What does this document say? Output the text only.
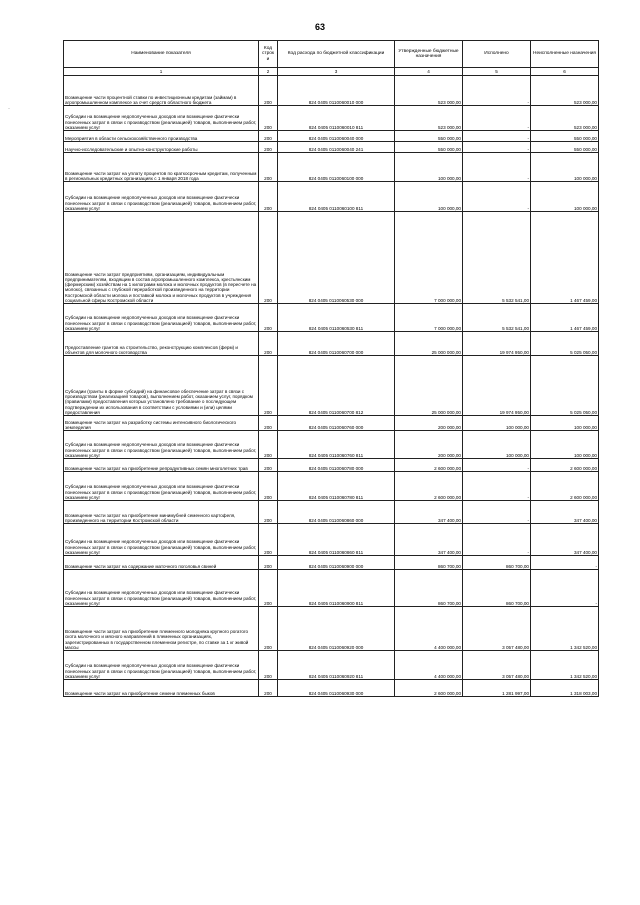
63
·
Наименование показателя	Код строк и	Код расхода по бюджетной классификации	Утвержденные бюджетные назначения	Исполнено	Неисполненные назначения
1	2	3	4	5	6
Возмещение части процентной ставки по инвестиционным кредитам (займам) в агропромышленном комплексе за счет средств областного бюджета	200	824 0405 0110060010 000	523 000,00	-	523 000,00
Субсидии на возмещение недополученных доходов или возмещение фактически понесенных затрат в связи с производством (реализацией) товаров, выполнением работ, оказанием услуг	200	824 0405 0110060010 811	523 000,00	-	523 000,00
Мероприятия в области сельскохозяйственного производства	200	824 0405 0110060040 000	550 000,00	-	550 000,00
Научно-исследовательские и опытно-конструкторские работы	200	824 0405 0110060040 241	550 000,00	-	550 000,00
Возмещение части затрат на уплату процентов по краткосрочным кредитам, полученным в региональных кредитных организациях с 1 января 2018 года	200	824 0405 0110060100 000	100 000,00	-	100 000,00
Субсидии на возмещение недополученных доходов или возмещение фактически понесенных затрат в связи с производством (реализацией) товаров, выполнением работ, оказанием услуг	200	824 0405 0110060100 811	100 000,00	-	100 000,00
Возмещение части затрат предприятиям, организациям, индивидуальным предпринимателям, входящим в состав агропромышленного комплекса, крестьянским (фермерским) хозяйствам на 1 килограмм молока и молочных продуктов (в пересчете на молоко), связанных с глубокой переработкой произведенного на территории Костромской области молока и поставкой молока и молочных продуктов в учреждения социальной сферы Костромской области	200	824 0405 0110060530 000	7 000 000,00	5 532 541,00	1 467 459,00
Субсидии на возмещение недополученных доходов или возмещение фактически понесенных затрат в связи с производством (реализацией) товаров, выполнением работ, оказанием услуг	200	824 0405 0110060530 811	7 000 000,00	5 532 541,00	1 467 459,00
Предоставление грантов на строительство, реконструкцию комплексов (ферм) и объектов для молочного скотоводства	200	824 0405 0110060700 000	25 000 000,00	19 974 950,00	5 025 050,00
Субсидии (гранты в форме субсидий) на финансовое обеспечение затрат в связи с производством (реализацией товаров), выполнением работ, оказанием услуг, порядком (правилами) предоставления которых установлено требование о последующем подтверждении их использования в соответствии с условиями и (или) целями предоставления	200	824 0405 0110060700 812	25 000 000,00	19 974 950,00	5 025 050,00
Возмещение части затрат на разработку системы интенсивного биологического земледелия	200	824 0405 0110060760 000	200 000,00	100 000,00	100 000,00
Субсидии на возмещение недополученных доходов или возмещение фактически понесенных затрат в связи с производством (реализацией) товаров, выполнением работ, оказанием услуг	200	824 0405 0110060760 811	200 000,00	100 000,00	100 000,00
Возмещение части затрат на приобретение репродуктивных семян многолетних трав	200	824 0405 0110060780 000	2 600 000,00	-	2 600 000,00
Субсидии на возмещение недополученных доходов или возмещение фактически понесенных затрат в связи с производством (реализацией) товаров, выполнением работ, оказанием услуг	200	824 0405 0110060780 811	2 600 000,00	-	2 600 000,00
Возмещение части затрат на приобретение минимубней семенного картофеля, произведенного на территории Костромской области	200	824 0405 0110060860 000	347 400,00	-	347 400,00
Субсидии на возмещение недополученных доходов или возмещение фактически понесенных затрат в связи с производством (реализацией) товаров, выполнением работ, оказанием услуг	200	824 0405 0110060860 811	347 400,00	-	347 400,00
Возмещение части затрат на содержание маточного поголовья свиней	200	824 0405 0110060900 000	860 700,00	860 700,00	-
Субсидии на возмещение недополученных доходов или возмещение фактически понесенных затрат в связи с производством (реализацией) товаров, выполнением работ, оказанием услуг	200	824 0405 0110060900 811	860 700,00	860 700,00	-
Возмещение части затрат на приобретение племенного молодняка крупного рогатого скота молочного и мясного направлений в племенных организациях, зарегистрированных в государственном племенном регистре, по ставке за 1 кг живой массы	200	824 0405 0110060920 000	4 400 000,00	3 057 480,00	1 342 520,00
Субсидии на возмещение недополученных доходов или возмещение фактически понесенных затрат в связи с производством (реализацией) товаров, выполнением работ, оказанием услуг	200	824 0405 0110060920 811	4 400 000,00	3 057 480,00	1 342 520,00
Возмещение части затрат на приобретение семени племенных быков	200	824 0405 0110060930 000	2 600 000,00	1 281 997,00	1 318 003,00
